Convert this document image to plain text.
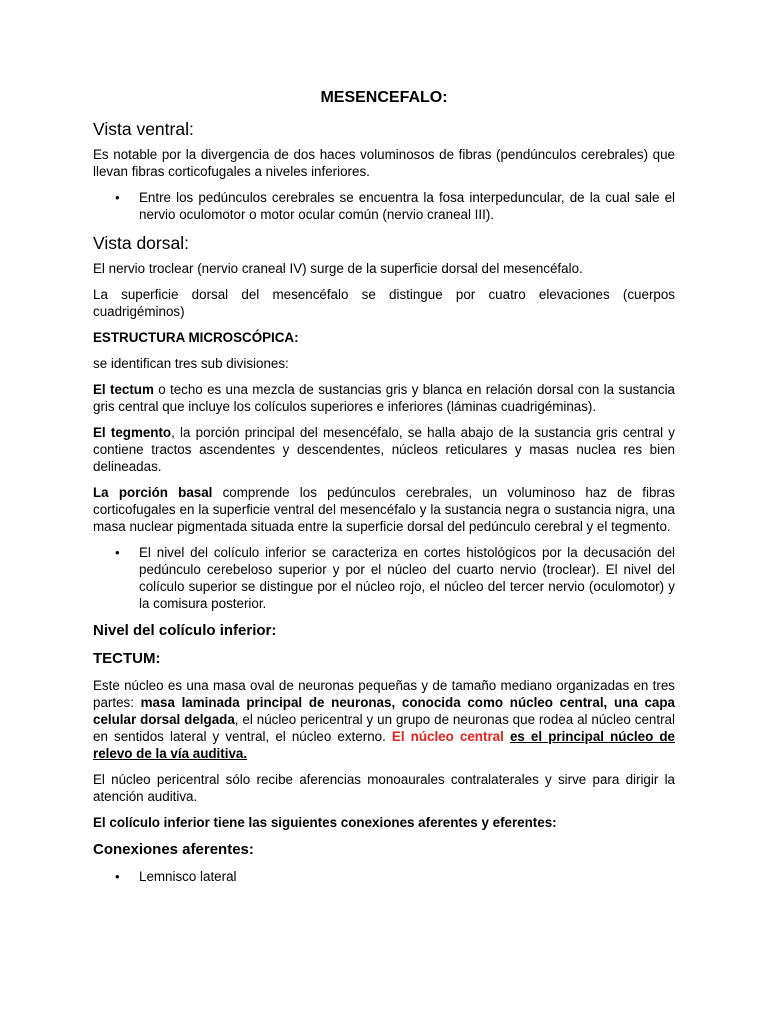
MESENCEFALO:
Vista ventral:

Es notable por la divergencia de dos haces voluminosos de fibras (pendúnculos cerebrales) que llevan fibras corticofugales a niveles inferiores.

• Entre los pedúnculos cerebrales se encuentra la fosa interpeduncular, de la cual sale el nervio oculomotor o motor ocular común (nervio craneal III).
Vista dorsal:

El nervio troclear (nervio craneal IV) surge de la superficie dorsal del mesencéfalo.

La superficie dorsal del mesencéfalo se distingue por cuatro elevaciones (cuerpos cuadrigéminos)

ESTRUCTURA MICROSCÓPICA:

se identifican tres sub divisiones:

El tectum o techo es una mezcla de sustancias gris y blanca en relación dorsal con la sustancia gris central que incluye los colículos superiores e inferiores (láminas cuadrigéminas).

El tegmento, la porción principal del mesencéfalo, se halla abajo de la sustancia gris central y contiene tractos ascendentes y descendentes, núcleos reticulares y masas nuclea res bien delineadas.

La porción basal comprende los pedúnculos cerebrales, un voluminoso haz de fibras corticofugales en la superficie ventral del mesencéfalo y la sustancia negra o sustancia nigra, una masa nuclear pigmentada situada entre la superficie dorsal del pedúnculo cerebral y el tegmento.

• El nivel del colículo inferior se caracteriza en cortes histológicos por la decusación del pedúnculo cerebeloso superior y por el núcleo del cuarto nervio (troclear). El nivel del colículo superior se distingue por el núcleo rojo, el núcleo del tercer nervio (oculomotor) y la comisura posterior.
Nivel del colículo inferior:
TECTUM:

Este núcleo es una masa oval de neuronas pequeñas y de tamaño mediano organizadas en tres partes: masa laminada principal de neuronas, conocida como núcleo central, una capa celular dorsal delgada, el núcleo pericentral y un grupo de neuronas que rodea al núcleo central en sentidos lateral y ventral, el núcleo externo. El núcleo central es el principal núcleo de relevo de la vía auditiva.

El núcleo pericentral sólo recibe aferencias monoaurales contralaterales y sirve para dirigir la atención auditiva.

El colículo inferior tiene las siguientes conexiones aferentes y eferentes:

Conexiones aferentes:
• Lemnisco lateral
